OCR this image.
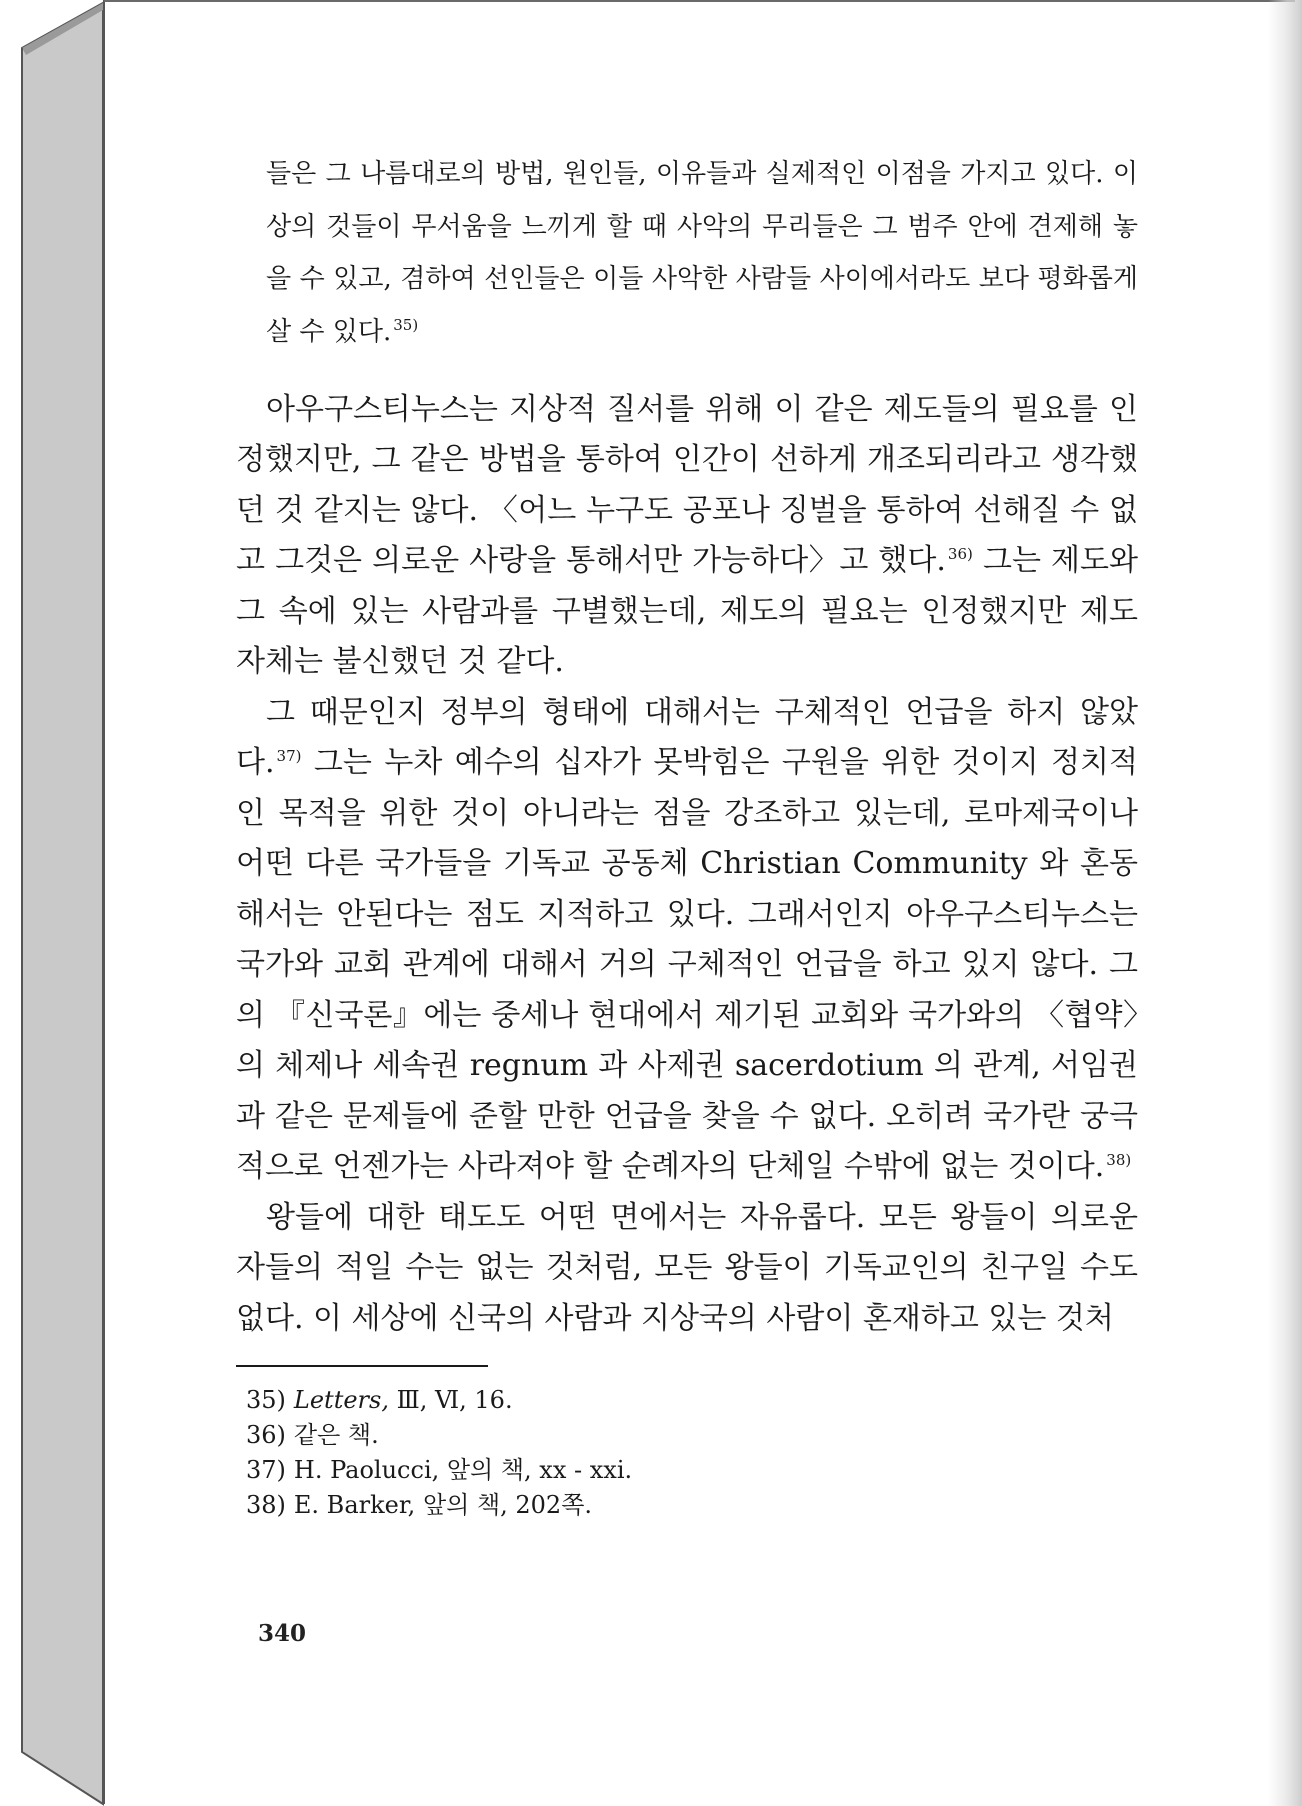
들은 그 나름대로의 방법, 원인들, 이유들과 실제적인 이점을 가지고 있다. 이상의 것들이 무서움을 느끼게 할 때 사악의 무리들은 그 범주 안에 견제해 놓을 수 있고, 겸하여 선인들은 이들 사악한 사람들 사이에서라도 보다 평화롭게 살 수 있다. $^{35)}$

아우구스티누스는 지상적 질서를 위해 이 같은 제도들의 필요를 인정했지만, 그 같은 방법을 통하여 인간이 선하게 개조되리라고 생각했던 것 같지는 않다. 〈어느 누구도 공포나 징벌을 통하여 선해질 수 없고 그것은 의로운 사랑을 통해서만 가능하다〉고 했다. $^{36)}$ 그는 제도와 그 속에 있는 사람과를 구별했는데, 제도의 필요는 인정했지만 제도 자체는 불신했던 것 같다.

그 때문인지 정부의 형태에 대해서는 구체적인 언급을 하지 않았다. $^{37)}$ 그는 누차 예수의 십자가 못박힘은 구원을 위한 것이지 정치적인 목적을 위한 것이 아니라는 점을 강조하고 있는데, 로마제국이나 어떤 다른 국가들을 기독교 공동체 Christian Community 와 혼동해서는 안된다는 점도 지적하고 있다. 그래서인지 아우구스티누스는 국가와 교회 관계에 대해서 거의 구체적인 언급을 하고 있지 않다. 그의 『신국론』에는 중세나 현대에서 제기된 교회와 국가와의 〈협약〉의 체제나 세속권 regnum 과 사제권 sacerdotium 의 관계, 서임권과 같은 문제들에 준할 만한 언급을 찾을 수 없다. 오히려 국가란 궁극적으로 언젠가는 사라져야 할 순례자의 단체일 수밖에 없는 것이다. $^{38)}$

왕들에 대한 태도도 어떤 면에서는 자유롭다. 모든 왕들이 의로운 자들의 적일 수는 없는 것처럼, 모든 왕들이 기독교인의 친구일 수도 없다. 이 세상에 신국의 사람과 지상국의 사람이 혼재하고 있는 것처

35) Letters, Ⅲ, Ⅵ, 16.
36) 같은 책.
37) H. Paolucci, 앞의 책, xx - xxi.
38) E. Barker, 앞의 책, 202쪽.
340
